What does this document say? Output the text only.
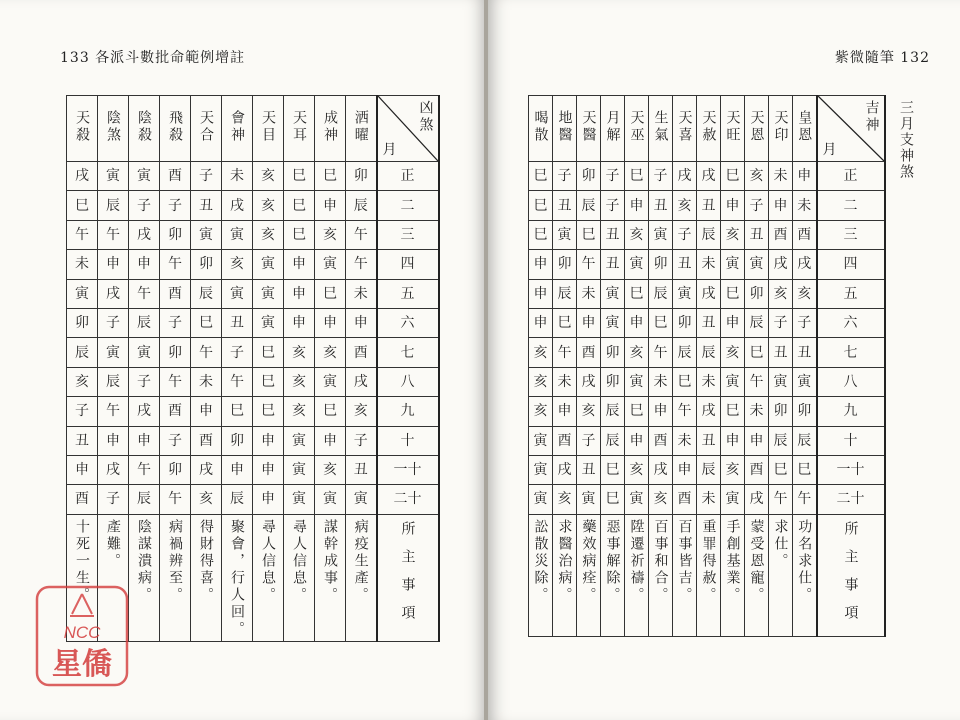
133 各派斗數批命範例增註
天殺	陰煞	陰殺	飛殺	天合	會神	天目	天耳	成神	洒曜	凶煞
月

戌	寅	寅	酉	子	未	亥	巳	巳	卯	正
巳	辰	子	子	丑	戌	亥	巳	申	辰	二
午	午	戌	卯	寅	寅	亥	巳	亥	午	三
未	申	申	午	卯	亥	寅	申	寅	午	四
寅	戌	午	酉	辰	寅	寅	申	巳	未	五
卯	子	辰	子	巳	丑	寅	申	申	申	六
辰	寅	寅	卯	午	子	巳	亥	亥	酉	七
亥	辰	子	午	未	午	巳	亥	寅	戌	八
子	午	戌	酉	申	巳	巳	亥	巳	亥	九
丑	申	申	子	酉	卯	申	寅	申	子	十
申	戌	午	卯	戌	申	申	寅	亥	丑	一十
酉	子	辰	午	亥	辰	申	寅	寅	寅	二十
十死一生。	產難。	陰謀潰病。	病禍辨至。	得財得喜。	聚會，行人回。	尋人信息。	尋人信息。	謀幹成事。	病疫生產。	所主事項
紫微隨筆 132
喝散	地醫	天醫	月解	天巫	生氣	天喜	天赦	天旺	天恩	天印	皇恩	吉神
月

巳	子	卯	子	巳	子	戌	戌	巳	亥	未	申	正
巳	丑	辰	子	申	丑	亥	丑	申	子	申	未	二
巳	寅	巳	丑	亥	寅	子	辰	亥	丑	酉	酉	三
申	卯	午	丑	寅	卯	丑	未	寅	寅	戌	戌	四
申	辰	未	寅	巳	辰	寅	戌	巳	卯	亥	亥	五
申	巳	申	寅	申	巳	卯	丑	申	辰	子	子	六
亥	午	酉	卯	亥	午	辰	辰	亥	巳	丑	丑	七
亥	未	戌	卯	寅	未	巳	未	寅	午	寅	寅	八
亥	申	亥	辰	巳	申	午	戌	巳	未	卯	卯	九
寅	酉	子	辰	申	酉	未	丑	申	申	辰	辰	十
寅	戌	丑	巳	亥	戌	申	辰	亥	酉	巳	巳	一十
寅	亥	寅	巳	寅	亥	酉	未	寅	戌	午	午	二十
訟散災除。	求醫治病。	藥效病痊。	惡事解除。	陞遷祈禱。	百事和合。	百事皆吉。	重罪得赦。	手創基業。	蒙受恩寵。	求仕。	功名求仕。	所主事項
三月支神煞
NCC
星僑
